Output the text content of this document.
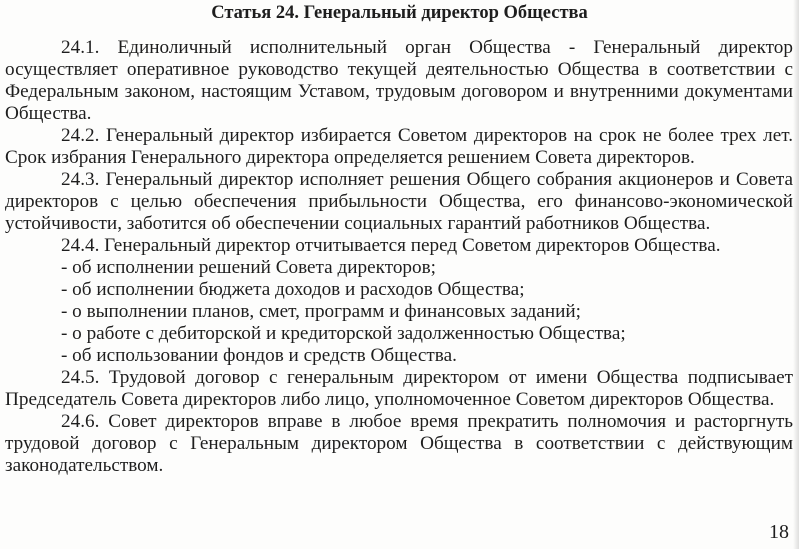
Статья 24. Генеральный директор Общества

24.1. Единоличный исполнительный орган Общества - Генеральный директор осуществляет оперативное руководство текущей деятельностью Общества в соответствии с Федеральным законом, настоящим Уставом, трудовым договором и внутренними документами Общества.

24.2. Генеральный директор избирается Советом директоров на срок не более трех лет. Срок избрания Генерального директора определяется решением Совета директоров.

24.3. Генеральный директор исполняет решения Общего собрания акционеров и Совета директоров с целью обеспечения прибыльности Общества, его финансово-экономической устойчивости, заботится об обеспечении социальных гарантий работников Общества.

24.4. Генеральный директор отчитывается перед Советом директоров Общества.

- об исполнении решений Совета директоров;
- об исполнении бюджета доходов и расходов Общества;
- о выполнении планов, смет, программ и финансовых заданий;
- о работе с дебиторской и кредиторской задолженностью Общества;
- об использовании фондов и средств Общества.

24.5. Трудовой договор с генеральным директором от имени Общества подписывает Председатель Совета директоров либо лицо, уполномоченное Советом директоров Общества.

24.6. Совет директоров вправе в любое время прекратить полномочия и расторгнуть трудовой договор с Генеральным директором Общества в соответствии с действующим законодательством.

18
